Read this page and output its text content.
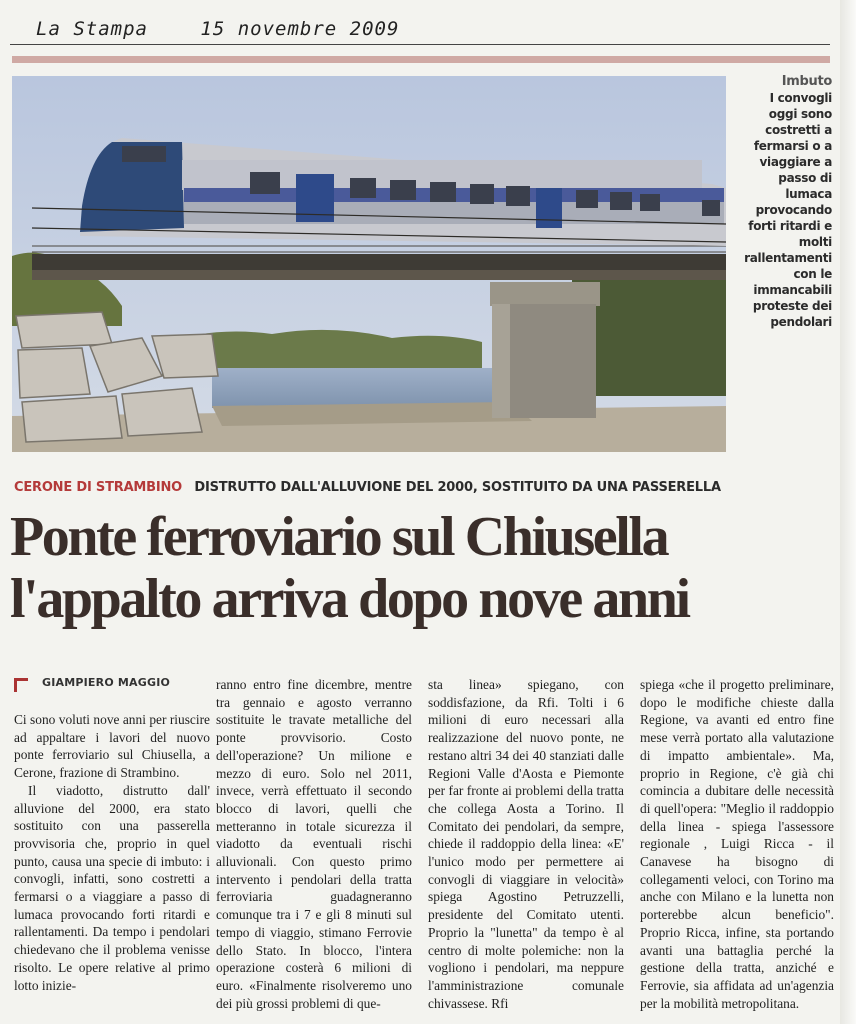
La Stampa	15 novembre 2009
Imbuto
I convogli oggi sono costretti a fermarsi o a viaggiare a passo di lumaca provocando forti ritardi e molti rallentamenti con le immancabili proteste dei pendolari
CERONE DI STRAMBINO DISTRUTTO DALL'ALLUVIONE DEL 2000, SOSTITUITO DA UNA PASSERELLA
Ponte ferroviario sul Chiusella
l'appalto arriva dopo nove anni
GIAMPIERO MAGGIO

Ci sono voluti nove anni per riuscire ad appaltare i lavori del nuovo ponte ferroviario sul Chiusella, a Cerone, frazione di Strambino.

Il viadotto, distrutto dall' alluvione del 2000, era stato sostituito con una passerella provvisoria che, proprio in quel punto, causa una specie di imbuto: i convogli, infatti, sono costretti a fermarsi o a viaggiare a passo di lumaca provocando forti ritardi e rallentamenti. Da tempo i pendolari chiedevano che il problema venisse risolto. Le opere relative al primo lotto inizie-

ranno entro fine dicembre, mentre tra gennaio e agosto verranno sostituite le travate metalliche del ponte provvisorio. Costo dell'operazione? Un milione e mezzo di euro. Solo nel 2011, invece, verrà effettuato il secondo blocco di lavori, quelli che metteranno in totale sicurezza il viadotto da eventuali rischi alluvionali. Con questo primo intervento i pendolari della tratta ferroviaria guadagneranno comunque tra i 7 e gli 8 minuti sul tempo di viaggio, stimano Ferrovie dello Stato. In blocco, l'intera operazione costerà 6 milioni di euro. «Finalmente risolveremo uno dei più grossi problemi di que-

sta linea» spiegano, con soddisfazione, da Rfi. Tolti i 6 milioni di euro necessari alla realizzazione del nuovo ponte, ne restano altri 34 dei 40 stanziati dalle Regioni Valle d'Aosta e Piemonte per far fronte ai problemi della tratta che collega Aosta a Torino. Il Comitato dei pendolari, da sempre, chiede il raddoppio della linea: «E' l'unico modo per permettere ai convogli di viaggiare in velocità» spiega Agostino Petruzzelli, presidente del Comitato utenti. Proprio la "lunetta" da tempo è al centro di molte polemiche: non la vogliono i pendolari, ma neppure l'amministrazione comunale chivassese. Rfi

spiega «che il progetto preliminare, dopo le modifiche chieste dalla Regione, va avanti ed entro fine mese verrà portato alla valutazione di impatto ambientale». Ma, proprio in Regione, c'è già chi comincia a dubitare delle necessità di quell'opera: "Meglio il raddoppio della linea - spiega l'assessore regionale , Luigi Ricca - il Canavese ha bisogno di collegamenti veloci, con Torino ma anche con Milano e la lunetta non porterebbe alcun beneficio". Proprio Ricca, infine, sta portando avanti una battaglia perché la gestione della tratta, anziché e Ferrovie, sia affidata ad un'agenzia per la mobilità metropolitana.
